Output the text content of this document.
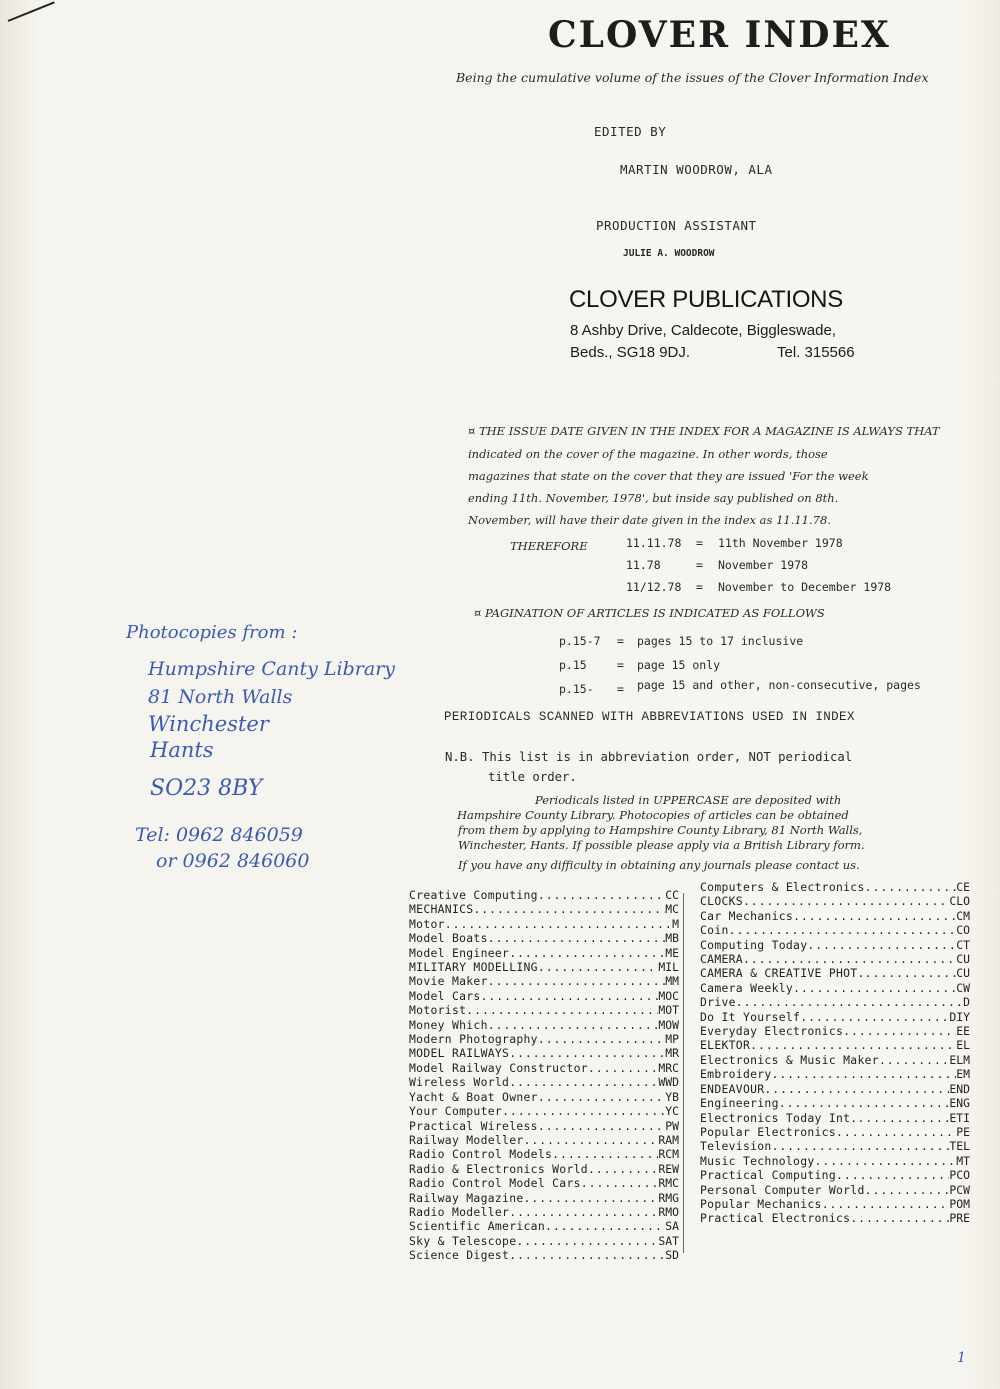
CLOVER INDEX
Being the cumulative volume of the issues of the Clover Information Index
EDITED BY
MARTIN WOODROW, ALA
PRODUCTION ASSISTANT
JULIE A. WOODROW
CLOVER PUBLICATIONS
8 Ashby Drive, Caldecote, Biggleswade,
Beds., SG18 9DJ.	Tel. 315566
¤ THE ISSUE DATE GIVEN IN THE INDEX FOR A MAGAZINE IS ALWAYS THAT
indicated on the cover of the magazine. In other words, those
magazines that state on the cover that they are issued 'For the week
ending 11th. November, 1978', but inside say published on 8th.
November, will have their date given in the index as 11.11.78.
THEREFORE	11.11.78 = 11th November 1978
11.78	= November 1978
11/12.78 = November to December 1978
¤ PAGINATION OF ARTICLES IS INDICATED AS FOLLOWS
p.15-7 = pages 15 to 17 inclusive
p.15	= page 15 only
p.15- = page 15 and other, non-consecutive, pages
PERIODICALS SCANNED WITH ABBREVIATIONS USED IN INDEX
N.B. This list is in abbreviation order, NOT periodical
title order.
Periodicals listed in UPPERCASE are deposited with
Hampshire County Library. Photocopies of articles can be obtained
from them by applying to Hampshire County Library, 81 North Walls,
Winchester, Hants. If possible please apply via a British Library form.
If you have any difficulty in obtaining any journals please contact us.
Photocopies from :
Humpshire Canty Library
81 North Walls
Winchester
Hants
SO23 8BY
Tel: 0962 846059
or 0962 846060
Creative Computing .....	CC
MECHANICS .....	MC
Motor .....	M
Model Boats .....	MB
Model Engineer .....	ME
MILITARY MODELLING .....	MIL
Movie Maker .....	MM
Model Cars .....	MOC
Motorist .....	MOT
Money Which .....	MOW
Modern Photography .....	MP
MODEL RAILWAYS .....	MR
Model Railway Constructor .....	MRC
Wireless World .....	WWD
Yacht & Boat Owner .....	YB
Your Computer .....	YC
Practical Wireless .....	PW
Railway Modeller .....	RAM
Radio Control Models .....	RCM
Radio & Electronics World .....	REW
Radio Control Model Cars .....	RMC
Railway Magazine .....	RMG
Radio Modeller .....	RMO
Scientific American .....	SA
Sky & Telescope .....	SAT
Science Digest .....	SD
Computers & Electronics .....	CE
CLOCKS .....	CLO
Car Mechanics .....	CM
Coin .....	CO
Computing Today .....	CT
CAMERA .....	CU
CAMERA & CREATIVE PHOT. .....	CU
Camera Weekly .....	CW
Drive .....	D
Do It Yourself .....	DIY
Everyday Electronics .....	EE
ELEKTOR .....	EL
Electronics & Music Maker .....	ELM
Embroidery .....	EM
ENDEAVOUR .....	END
Engineering .....	ENG
Electronics Today Int. .....	ETI
Popular Electronics .....	PE
Television .....	TEL
Music Technology .....	MT
Practical Computing .....	PCO
Personal Computer World .....	PCW
Popular Mechanics .....	POM
Practical Electronics .....	PRE
1
